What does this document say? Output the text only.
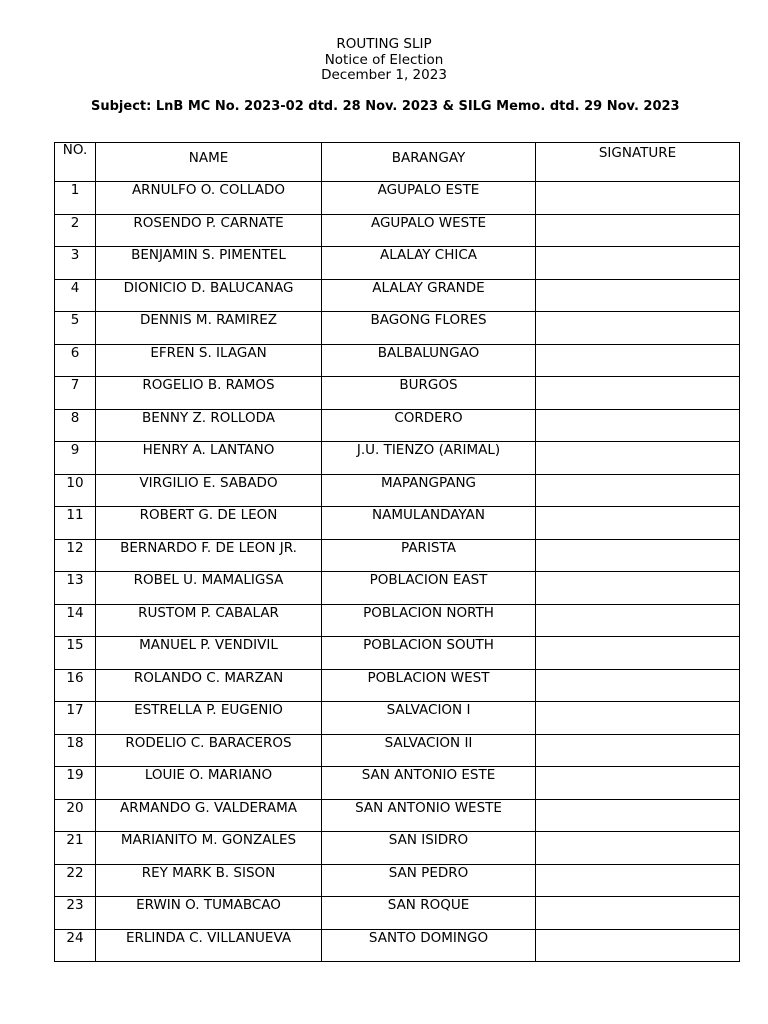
ROUTING SLIP
Notice of Election
December 1, 2023
Subject: LnB MC No. 2023-02 dtd. 28 Nov. 2023 & SILG Memo. dtd. 29 Nov. 2023
NO.	NAME	BARANGAY	SIGNATURE
1	ARNULFO O. COLLADO	AGUPALO ESTE	
2	ROSENDO P. CARNATE	AGUPALO WESTE	
3	BENJAMIN S. PIMENTEL	ALALAY CHICA	
4	DIONICIO D. BALUCANAG	ALALAY GRANDE	
5	DENNIS M. RAMIREZ	BAGONG FLORES	
6	EFREN S. ILAGAN	BALBALUNGAO	
7	ROGELIO B. RAMOS	BURGOS	
8	BENNY Z. ROLLODA	CORDERO	
9	HENRY A. LANTANO	J.U. TIENZO (ARIMAL)	
10	VIRGILIO E. SABADO	MAPANGPANG	
11	ROBERT G. DE LEON	NAMULANDAYAN	
12	BERNARDO F. DE LEON JR.	PARISTA	
13	ROBEL U. MAMALIGSA	POBLACION EAST	
14	RUSTOM P. CABALAR	POBLACION NORTH	
15	MANUEL P. VENDIVIL	POBLACION SOUTH	
16	ROLANDO C. MARZAN	POBLACION WEST	
17	ESTRELLA P. EUGENIO	SALVACION I	
18	RODELIO C. BARACEROS	SALVACION II	
19	LOUIE O. MARIANO	SAN ANTONIO ESTE	
20	ARMANDO G. VALDERAMA	SAN ANTONIO WESTE	
21	MARIANITO M. GONZALES	SAN ISIDRO	
22	REY MARK B. SISON	SAN PEDRO	
23	ERWIN O. TUMABCAO	SAN ROQUE	
24	ERLINDA C. VILLANUEVA	SANTO DOMINGO	
